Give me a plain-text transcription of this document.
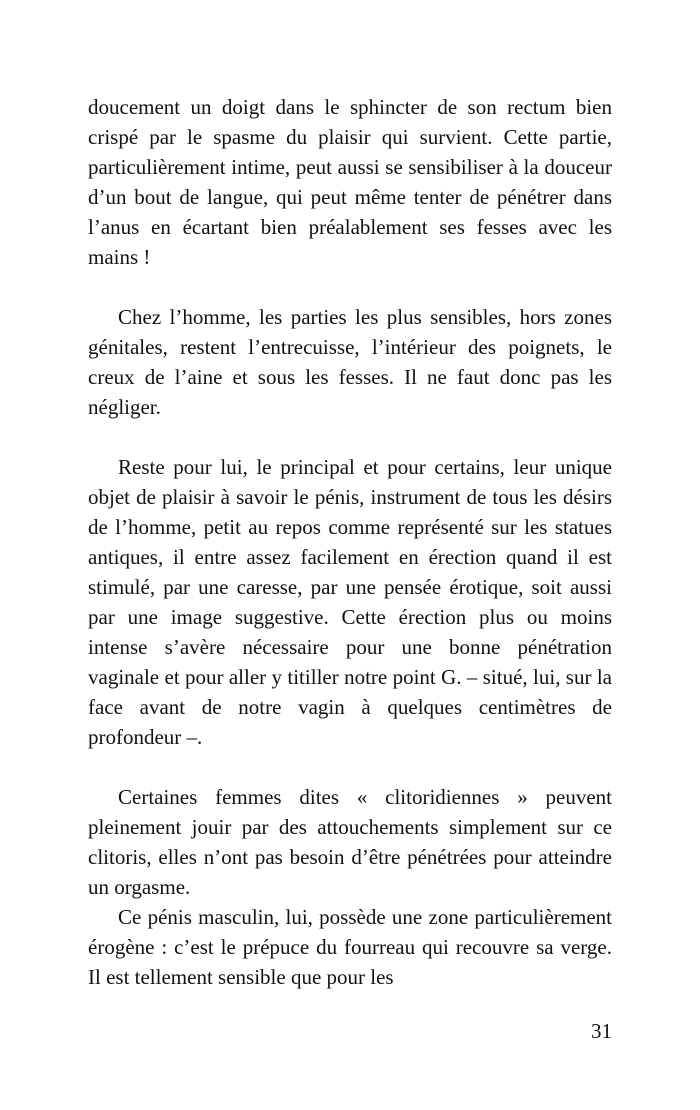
doucement un doigt dans le sphincter de son rectum bien crispé par le spasme du plaisir qui survient. Cette partie, particulièrement intime, peut aussi se sensibiliser à la douceur d’un bout de langue, qui peut même tenter de pénétrer dans l’anus en écartant bien préalablement ses fesses avec les mains !

Chez l’homme, les parties les plus sensibles, hors zones génitales, restent l’entrecuisse, l’intérieur des poignets, le creux de l’aine et sous les fesses. Il ne faut donc pas les négliger.

Reste pour lui, le principal et pour certains, leur unique objet de plaisir à savoir le pénis, instrument de tous les désirs de l’homme, petit au repos comme représenté sur les statues antiques, il entre assez facilement en érection quand il est stimulé, par une caresse, par une pensée érotique, soit aussi par une image suggestive. Cette érection plus ou moins intense s’avère nécessaire pour une bonne pénétration vaginale et pour aller y titiller notre point G. – situé, lui, sur la face avant de notre vagin à quelques centimètres de profondeur –.

Certaines femmes dites « clitoridiennes » peuvent pleinement jouir par des attouchements simplement sur ce clitoris, elles n’ont pas besoin d’être pénétrées pour atteindre un orgasme.

Ce pénis masculin, lui, possède une zone particulièrement érogène : c’est le prépuce du fourreau qui recouvre sa verge. Il est tellement sensible que pour les

31
